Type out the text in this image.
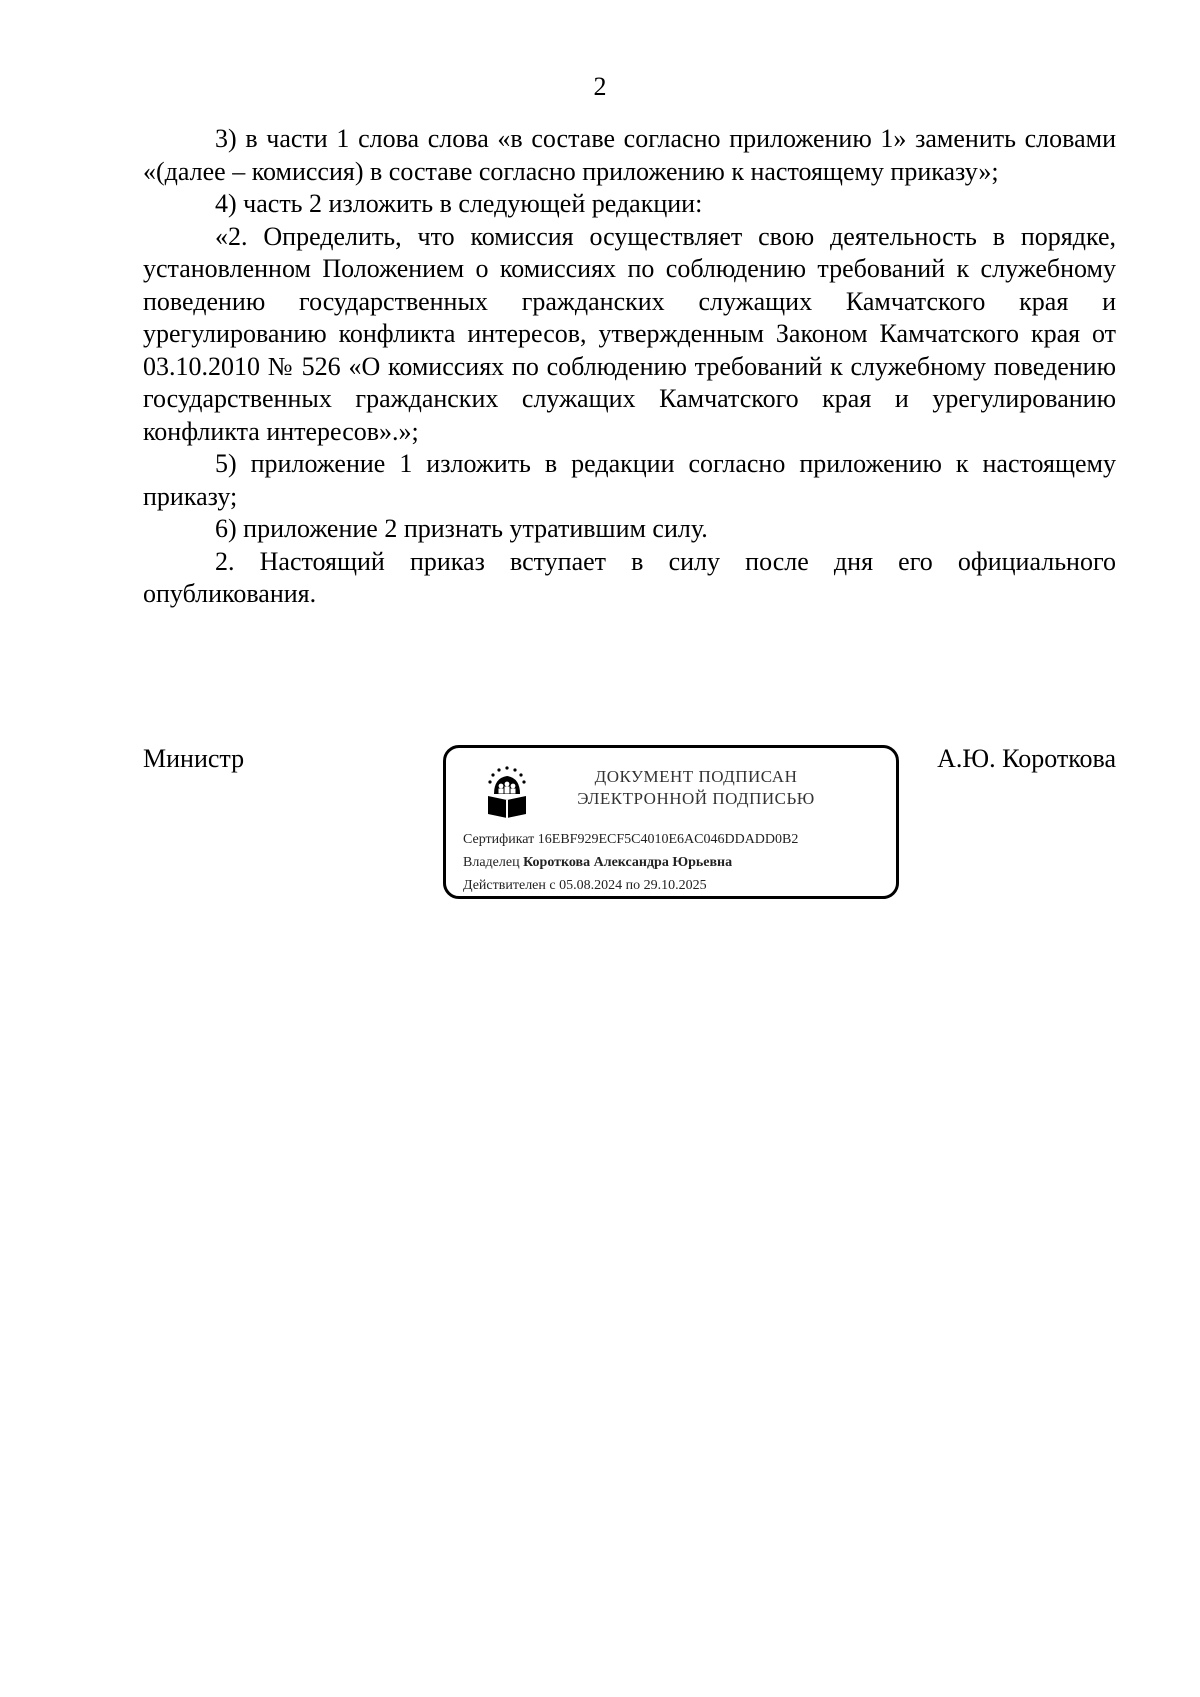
2

3) в части 1 слова слова «в составе согласно приложению 1» заменить словами «(далее – комиссия) в составе согласно приложению к настоящему приказу»;

4) часть 2 изложить в следующей редакции:

«2. Определить, что комиссия осуществляет свою деятельность в порядке, установленном Положением о комиссиях по соблюдению требований к служебному поведению государственных гражданских служащих Камчатского края и урегулированию конфликта интересов, утвержденным Законом Камчатского края от 03.10.2010 № 526 «О комиссиях по соблюдению требований к служебному поведению государственных гражданских служащих Камчатского края и урегулированию конфликта интересов».»;

5) приложение 1 изложить в редакции согласно приложению к настоящему приказу;

6) приложение 2 признать утратившим силу.

2. Настоящий приказ вступает в силу после дня его официального опубликования.

Министр
ДОКУМЕНТ ПОДПИСАН
ЭЛЕКТРОННОЙ ПОДПИСЬЮ
Сертификат 16EBF929ECF5C4010E6AC046DDADD0B2
Владелец Короткова Александра Юрьевна
Действителен с 05.08.2024 по 29.10.2025
А.Ю. Короткова
